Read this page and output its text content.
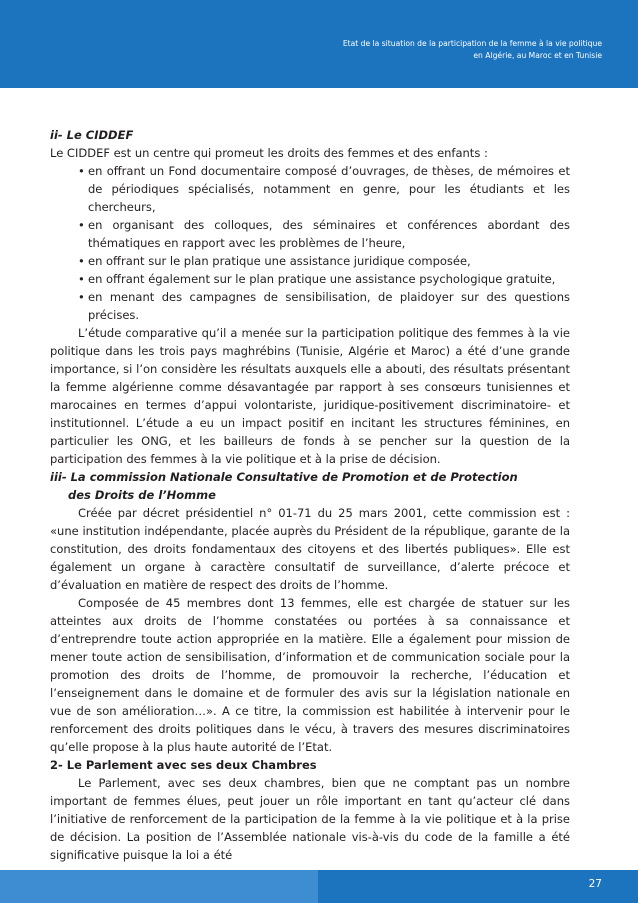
Etat de la situation de la participation de la femme à la vie politique
en Algérie, au Maroc et en Tunisie

ii- Le CIDDEF

Le CIDDEF est un centre qui promeut les droits des femmes et des enfants :

• en offrant un Fond documentaire composé d’ouvrages, de thèses, de mémoires et de périodiques spécialisés, notamment en genre, pour les étudiants et les chercheurs,
• en organisant des colloques, des séminaires et conférences abordant des thématiques en rapport avec les problèmes de l’heure,
• en offrant sur le plan pratique une assistance juridique composée,
• en offrant également sur le plan pratique une assistance psychologique gratuite,
• en menant des campagnes de sensibilisation, de plaidoyer sur des questions précises.

L’étude comparative qu’il a menée sur la participation politique des femmes à la vie politique dans les trois pays maghrébins (Tunisie, Algérie et Maroc) a été d’une grande importance, si l’on considère les résultats auxquels elle a abouti, des résultats présentant la femme algérienne comme désavantagée par rapport à ses consœurs tunisiennes et marocaines en termes d’appui volontariste, juridique-positivement discriminatoire- et institutionnel. L’étude a eu un impact positif en incitant les structures féminines, en particulier les ONG, et les bailleurs de fonds à se pencher sur la question de la participation des femmes à la vie politique et à la prise de décision.

iii- La commission Nationale Consultative de Promotion et de Protection
des Droits de l’Homme

Créée par décret présidentiel n° 01-71 du 25 mars 2001, cette commission est : «une institution indépendante, placée auprès du Président de la république, garante de la constitution, des droits fondamentaux des citoyens et des libertés publiques». Elle est également un organe à caractère consultatif de surveillance, d’alerte précoce et d’évaluation en matière de respect des droits de l’homme.

Composée de 45 membres dont 13 femmes, elle est chargée de statuer sur les atteintes aux droits de l’homme constatées ou portées à sa connaissance et d’entreprendre toute action appropriée en la matière. Elle a également pour mission de mener toute action de sensibilisation, d’information et de communication sociale pour la promotion des droits de l’homme, de promouvoir la recherche, l’éducation et l’enseignement dans le domaine et de formuler des avis sur la législation nationale en vue de son amélioration…». A ce titre, la commission est habilitée à intervenir pour le renforcement des droits politiques dans le vécu, à travers des mesures discriminatoires qu’elle propose à la plus haute autorité de l’Etat.

2- Le Parlement avec ses deux Chambres

Le Parlement, avec ses deux chambres, bien que ne comptant pas un nombre important de femmes élues, peut jouer un rôle important en tant qu’acteur clé dans l’initiative de renforcement de la participation de la femme à la vie politique et à la prise de décision. La position de l’Assemblée nationale vis-à-vis du code de la famille a été significative puisque la loi a été

27
